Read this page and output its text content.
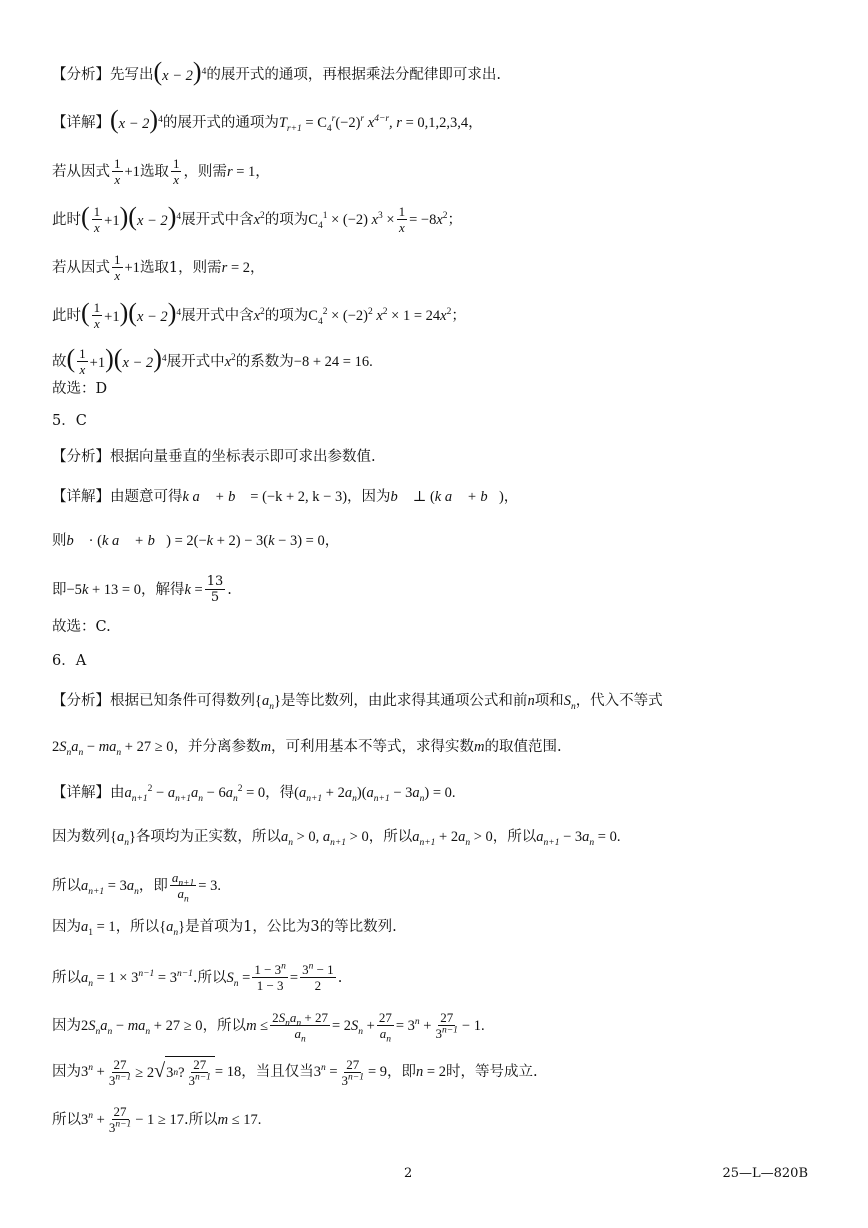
【分析】 先写出 $(x - 2)^4$ 的展开式的通项，再根据乘法分配律即可求出.
【详解】 $(x - 2)^4$ 的展开式的通项为 $T_{r+1} = C_4^r(-2)^r$ $x^{4-r}$, r = 0,1,2,3,4 ，
若从因式 $\frac{1}{x} +1$ 选取 $\frac{1}{x}$ ，则需 r = 1，
此时 ( $\frac{1}{x} +1)(x - 2)^4$ 展开式中含 $x^2$ 的项为 $C_4^1 \times (-2) x^3 \times \frac{1}{x} = -8x^2$ ；
若从因式 $\frac{1}{x} +1$ 选取1，则需 r = 2，
此时 ( $\frac{1}{x} +1)(x - 2)^4$ 展开式中含 $x^2$ 的项为 $C_4^2 \times (-2)^2$ $x^2 \times 1 = 24x^2$ ；
故 ( $\frac{1}{x} +1)(x - 2)^4$ 展开式中 $x^2$ 的系数为 −8 + 24 = 16.
故选：D
5．C
【分析】 根据向量垂直的坐标表示即可求出参数值.
【详解】 由题意可得 k a⃗ + b⃗ = (−k + 2, k − 3) ，因为 b⃗ ⊥ (k a⃗ + b⃗) ，
则 b⃗ · (k a⃗ + b⃗) = 2(−k + 2) − 3(k − 3) = 0，
即 −5k + 13 = 0 ，解得 $k = \frac{13}{5}$ .
故选：C.
6．A
【分析】 根据已知条件可得数列 $\{a_n\}$ 是等比数列，由此求得其通项公式和前 n 项和 $S_n$ ，代入不等式
$2S_na_n - ma_n + 27 \ge 0$ ，并分离参数 m ，可利用基本不等式，求得实数 m 的取值范围.
【详解】 由 $a_{n+1}^2 - a_{n+1}a_n - 6a_n^2 = 0$ ，得 $(a_{n+1} + 2a_n)(a_{n+1} - 3a_n) = 0$.
因为数列 $\{a_n\}$ 各项均为正实数，所以 $a_n > 0$, $a_{n+1} > 0$ ，所以 $a_{n+1} + 2a_n > 0$ ，所以 $a_{n+1} - 3a_n = 0$.
所以 $a_{n+1} = 3a_n$ ，即 $\frac{a_{n+1}}{a_n} = 3$.
因为 $a_1 = 1$ ，所以 $\{a_n\}$ 是首项为1，公比为3的等比数列.
所以 $a_n = 1 \times 3^{n-1} = 3^{n-1}$ .所以 $S_n = \frac{1 - 3^n}{1 - 3} = \frac{3^n - 1}{2}$ .
因为 $2S_na_n - ma_n + 27 \ge 0$ ，所以 $m \le \frac{2S_na_n + 27}{a_n} = 2S_n + \frac{27}{a_n} = 3^n + \frac{27}{3^{n-1}} - 1$.
因为 $3^n + \frac{27}{3^{n-1}} \ge 2√$ 3 n ? $\frac{27}{3^{n-1}} = 18$ ，当且仅当 $3^n = \frac{27}{3^{n-1}} = 9$ ，即 n = 2 时，等号成立.
所以 $3^n + \frac{27}{3^{n-1}} - 1 \ge 17$ .所以 m ≤ 17.
2	25—L—820B
